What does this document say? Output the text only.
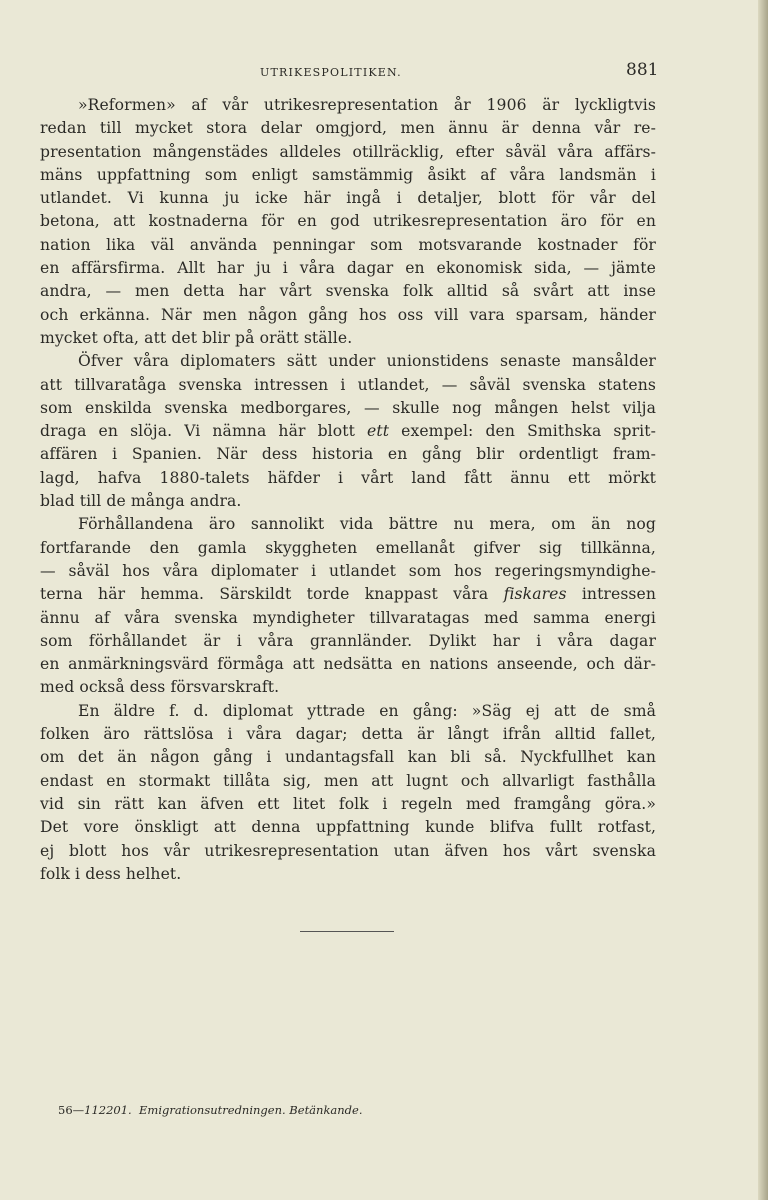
UTRIKESPOLITIKEN.	881
»Reformen» af vår utrikesrepresentation år 1906 är lyckligtvis
redan till mycket stora delar omgjord, men ännu är denna vår re-
presentation mångenstädes alldeles otillräcklig, efter såväl våra affärs-
mäns uppfattning som enligt samstämmig åsikt af våra landsmän i
utlandet. Vi kunna ju icke här ingå i detaljer, blott för vår del
betona, att kostnaderna för en god utrikesrepresentation äro för en
nation lika väl använda penningar som motsvarande kostnader för
en affärsfirma. Allt har ju i våra dagar en ekonomisk sida, — jämte
andra, — men detta har vårt svenska folk alltid så svårt att inse
och erkänna. När men någon gång hos oss vill vara sparsam, händer
mycket ofta, att det blir på orätt ställe.
Öfver våra diplomaters sätt under unionstidens senaste mansålder
att tillvaratåga svenska intressen i utlandet, — såväl svenska statens
som enskilda svenska medborgares, — skulle nog mången helst vilja
draga en slöja. Vi nämna här blott ett exempel: den Smithska sprit-
affären i Spanien. När dess historia en gång blir ordentligt fram-
lagd, hafva 1880-talets häfder i vårt land fått ännu ett mörkt
blad till de många andra.
Förhållandena äro sannolikt vida bättre nu mera, om än nog
fortfarande den gamla skyggheten emellanåt gifver sig tillkänna,
— såväl hos våra diplomater i utlandet som hos regeringsmyndighe-
terna här hemma. Särskildt torde knappast våra fiskares intressen
ännu af våra svenska myndigheter tillvaratagas med samma energi
som förhållandet är i våra grannländer. Dylikt har i våra dagar
en anmärkningsvärd förmåga att nedsätta en nations anseende, och där-
med också dess försvarskraft.
En äldre f. d. diplomat yttrade en gång: »Säg ej att de små
folken äro rättslösa i våra dagar; detta är långt ifrån alltid fallet,
om det än någon gång i undantagsfall kan bli så. Nyckfullhet kan
endast en stormakt tillåta sig, men att lugnt och allvarligt fasthålla
vid sin rätt kan äfven ett litet folk i regeln med framgång göra.»
Det vore önskligt att denna uppfattning kunde blifva fullt rotfast,
ej blott hos vår utrikesrepresentation utan äfven hos vårt svenska
folk i dess helhet.
56—112201. Emigrationsutredningen. Betänkande.
